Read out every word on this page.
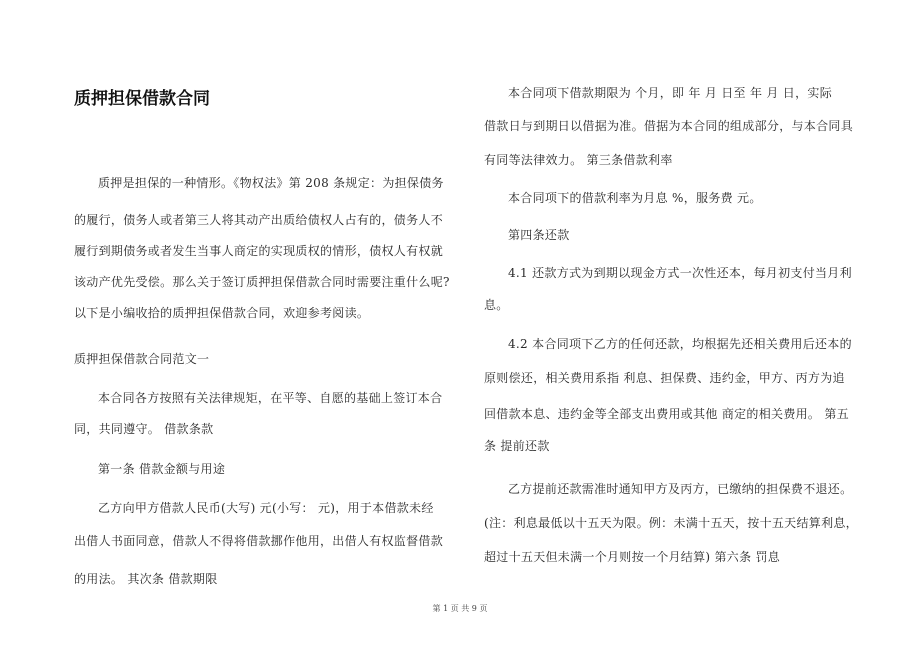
质押担保借款合同
第 1 页 共 9 页
质押是担保的一种情形。《物权法》第 208 条规定：为担保债务
的履行，债务人或者第三人将其动产出质给债权人占有的，债务人不
履行到期债务或者发生当事人商定的实现质权的情形，债权人有权就
该动产优先受偿。那么关于签订质押担保借款合同时需要注重什么呢?
以下是小编收拾的质押担保借款合同，欢迎参考阅读。
质押担保借款合同范文一
本合同各方按照有关法律规矩，在平等、自愿的基础上签订本合
同，共同遵守。 借款条款
第一条 借款金额与用途
乙方向甲方借款人民币(大写) 元(小写： 元)，用于本借款未经
出借人书面同意，借款人不得将借款挪作他用，出借人有权监督借款
的用法。 其次条 借款期限
本合同项下借款期限为 个月，即 年 月 日至 年 月 日，实际
借款日与到期日以借据为准。借据为本合同的组成部分，与本合同具
有同等法律效力。 第三条借款利率
本合同项下的借款利率为月息 %，服务费 元。
第四条还款
4.1 还款方式为到期以现金方式一次性还本，每月初支付当月利
息。
4.2 本合同项下乙方的任何还款，均根据先还相关费用后还本的
原则偿还，相关费用系指 利息、担保费、违约金，甲方、丙方为追
回借款本息、违约金等全部支出费用或其他 商定的相关费用。 第五
条 提前还款
乙方提前还款需准时通知甲方及丙方，已缴纳的担保费不退还。
(注：利息最低以十五天为限。例：未满十五天，按十五天结算利息，
超过十五天但未满一个月则按一个月结算) 第六条 罚息
